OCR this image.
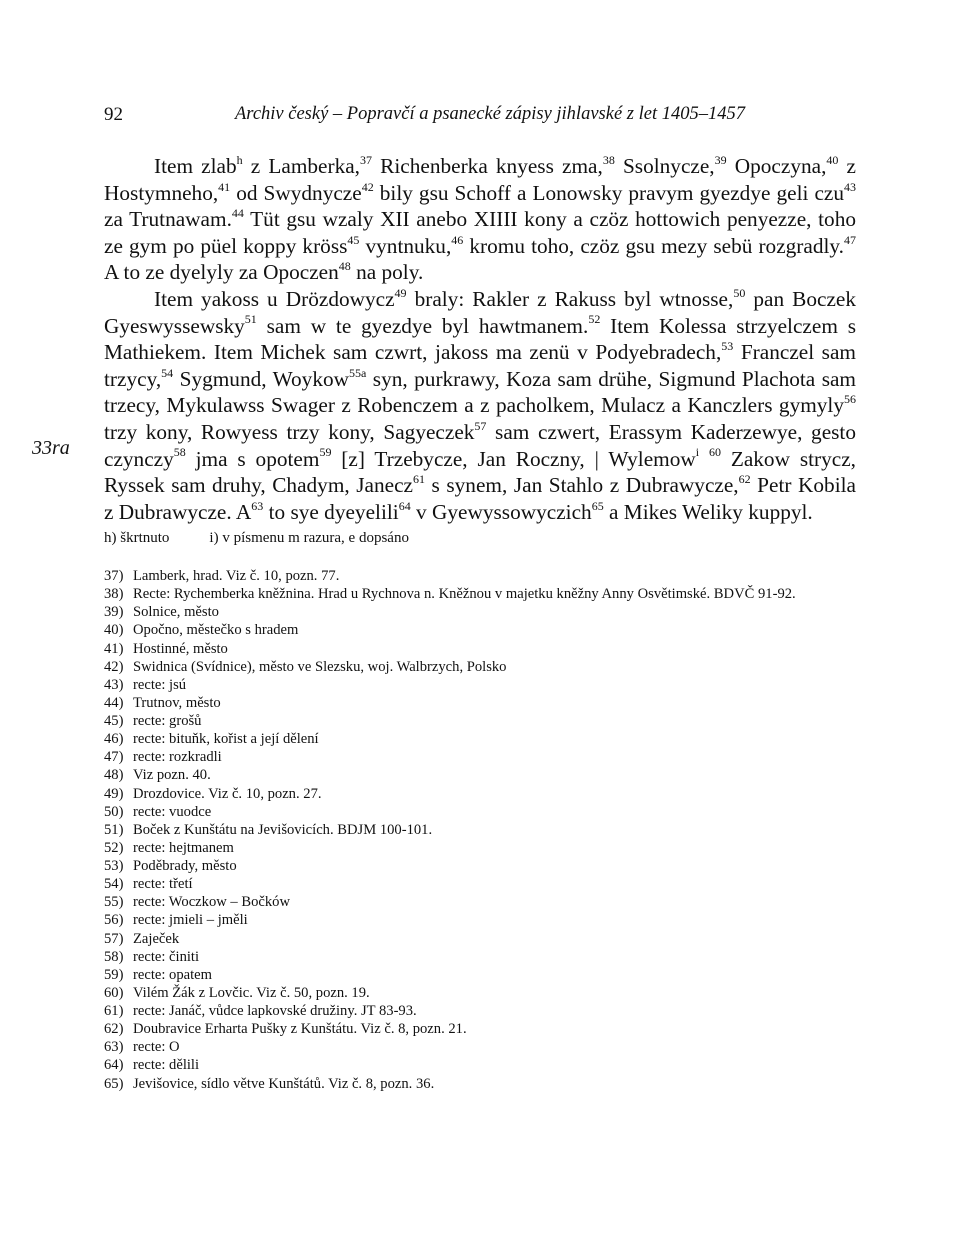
92	Archiv český – Popravčí a psanecké zápisy jihlavské z let 1405–1457

Item zlab$^h$ z Lamberka,$^{37}$ Richenberka knyess zma,$^{38}$ Ssolnycze,$^{39}$ Opoczyna,$^{40}$ z Hostymneho,$^{41}$ od Swydnycze$^{42}$ bily gsu Schoff a Lonowsky pravym gyezdye geli czu$^{43}$ za Trutnawam.$^{44}$ Tüt gsu wzaly XII anebo XIIII kony a czöz hottowich penyezze, toho ze gym po püel koppy kröss$^{45}$ vyntnuku,$^{46}$ kromu toho, czöz gsu mezy sebü rozgradly.$^{47}$ A to ze dyelyly za Opoczen$^{48}$ na poly.

Item yakoss u Drözdowycz$^{49}$ braly: Rakler z Rakuss byl wtnosse,$^{50}$ pan Boczek Gyeswyssewsky$^{51}$ sam w te gyezdye byl hawtmanem.$^{52}$ Item Kolessa strzyelczem s Mathiekem. Item Michek sam czwrt, jakoss ma zenü v Podyebradech,$^{53}$ Franczel sam trzycy,$^{54}$ Sygmund, Woykow$^{55a}$ syn, purkrawy, Koza sam drühe, Sigmund Plachota sam trzecy, Mykulawss Swager z Robenczem a z pacholkem, Mulacz a Kanczlers gymyly$^{56}$ trzy kony, Rowyess trzy kony, Sagyeczek$^{57}$ sam czwert, Erassym Kaderzewye, gesto czynczy$^{58}$ jma s opotem$^{59}$ [z] Trzebycze, Jan Roczny, | Wylemow$^i$ $^{60}$ Zakow strycz, Ryssek sam druhy, Chadym, Janecz$^{61}$ s synem, Jan Stahlo z Dubrawycze,$^{62}$ Petr Kobila z Dubrawycze. $A^{63}$ to sye dyeyelili$^{64}$ v Gyewyssowyczich$^{65}$ a Mikes Weliky kuppyl.

33ra
h) škrtnuto	i) v písmenu m razura, e dopsáno
37) Lamberk, hrad. Viz č. 10, pozn. 77.
38) Recte: Rychemberka kněžnina. Hrad u Rychnova n. Kněžnou v majetku kněžny Anny Osvětimské. BDVČ 91-92.
39) Solnice, město
40) Opočno, městečko s hradem
41) Hostinné, město
42) Swidnica (Svídnice), město ve Slezsku, woj. Walbrzych, Polsko
43) recte: jsú
44) Trutnov, město
45) recte: grošů
46) recte: bituňk, kořist a její dělení
47) recte: rozkradli
48) Viz pozn. 40.
49) Drozdovice. Viz č. 10, pozn. 27.
50) recte: vuodce
51) Boček z Kunštátu na Jevišovicích. BDJM 100-101.
52) recte: hejtmanem
53) Poděbrady, město
54) recte: třetí
55) recte: Woczkow – Bočków
56) recte: jmieli – jměli
57) Zaječek
58) recte: činiti
59) recte: opatem
60) Vilém Žák z Lovčic. Viz č. 50, pozn. 19.
61) recte: Janáč, vůdce lapkovské družiny. JT 83-93.
62) Doubravice Erharta Pušky z Kunštátu. Viz č. 8, pozn. 21.
63) recte: O
64) recte: dělili
65) Jevišovice, sídlo větve Kunštátů. Viz č. 8, pozn. 36.
